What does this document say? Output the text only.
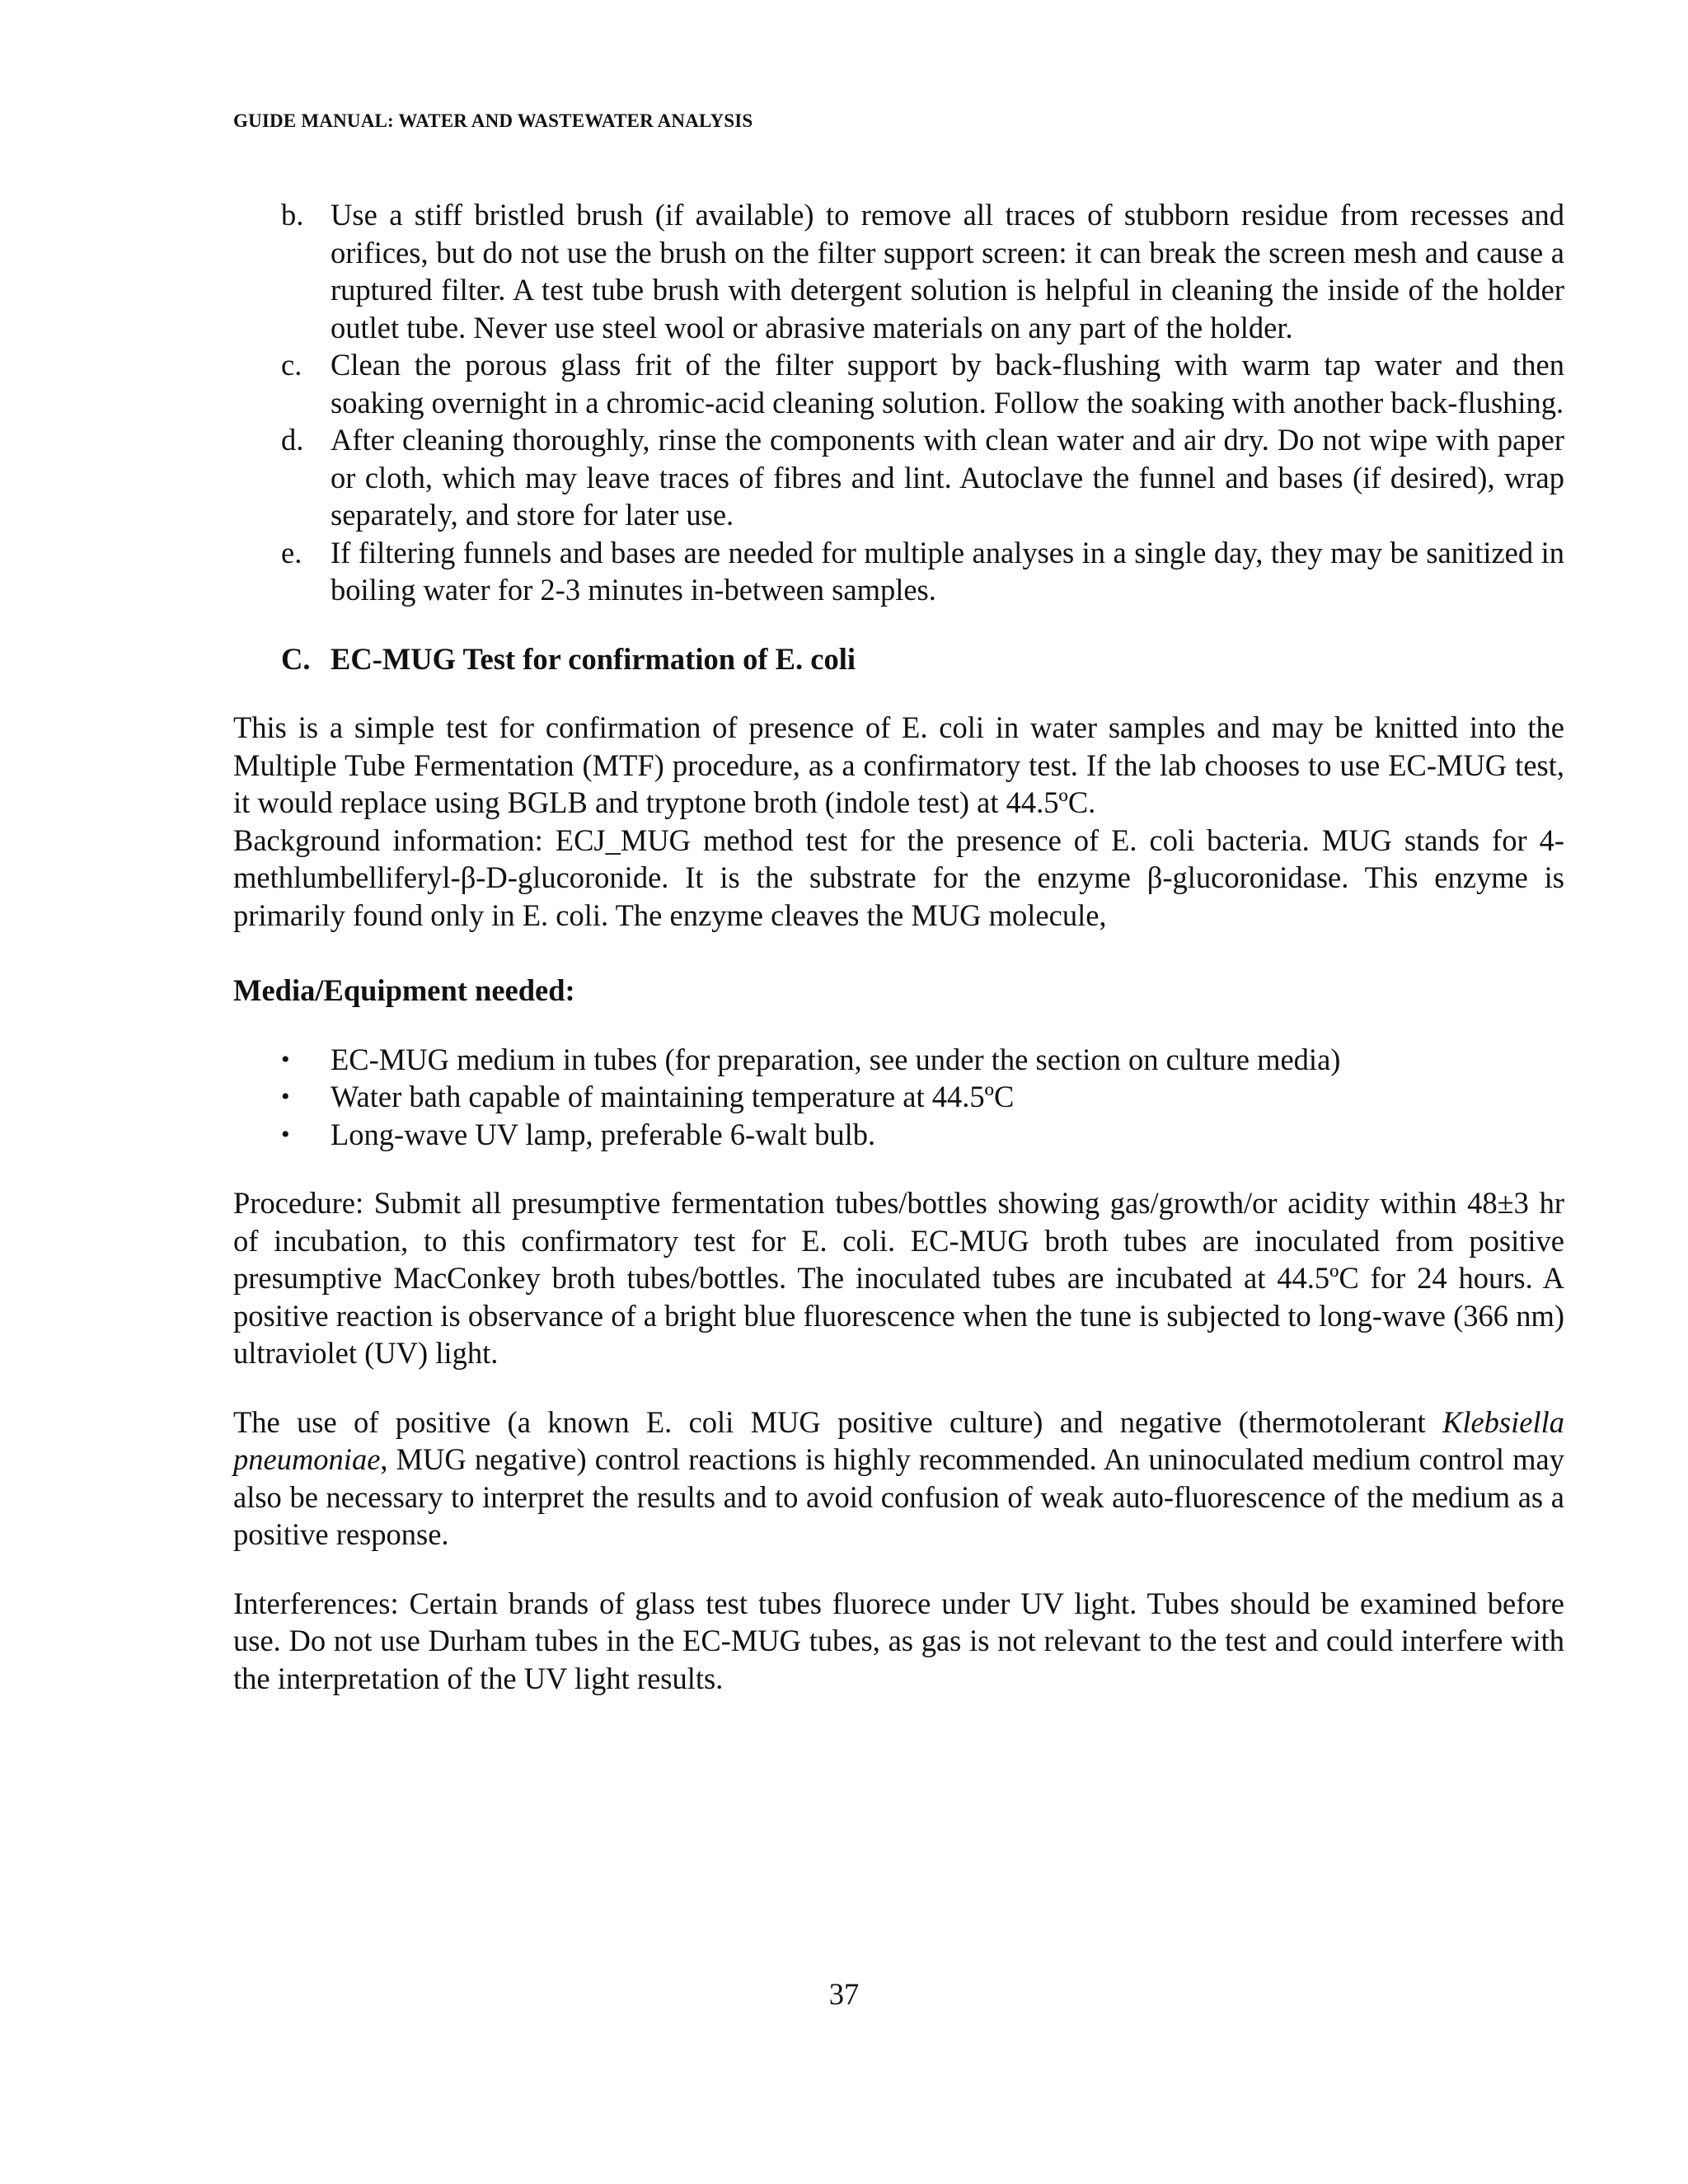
GUIDE MANUAL: WATER AND WASTEWATER ANALYSIS
b. Use a stiff bristled brush (if available) to remove all traces of stubborn residue from recesses and orifices, but do not use the brush on the filter support screen: it can break the screen mesh and cause a ruptured filter. A test tube brush with detergent solution is helpful in cleaning the inside of the holder outlet tube. Never use steel wool or abrasive materials on any part of the holder.
c. Clean the porous glass frit of the filter support by back-flushing with warm tap water and then soaking overnight in a chromic-acid cleaning solution. Follow the soaking with another back-flushing.
d. After cleaning thoroughly, rinse the components with clean water and air dry. Do not wipe with paper or cloth, which may leave traces of fibres and lint. Autoclave the funnel and bases (if desired), wrap separately, and store for later use.
e. If filtering funnels and bases are needed for multiple analyses in a single day, they may be sanitized in boiling water for 2-3 minutes in-between samples.
C. EC-MUG Test for confirmation of E. coli
This is a simple test for confirmation of presence of E. coli in water samples and may be knitted into the Multiple Tube Fermentation (MTF) procedure, as a confirmatory test. If the lab chooses to use EC-MUG test, it would replace using BGLB and tryptone broth (indole test) at 44.5ºC.
Background information: ECJ_MUG method test for the presence of E. coli bacteria. MUG stands for 4-methlumbelliferyl-β-D-glucoronide. It is the substrate for the enzyme β-glucoronidase. This enzyme is primarily found only in E. coli. The enzyme cleaves the MUG molecule,
Media/Equipment needed:
•	EC-MUG medium in tubes (for preparation, see under the section on culture media)
•	Water bath capable of maintaining temperature at 44.5ºC
•	Long-wave UV lamp, preferable 6-walt bulb.
Procedure: Submit all presumptive fermentation tubes/bottles showing gas/growth/or acidity within 48±3 hr of incubation, to this confirmatory test for E. coli. EC-MUG broth tubes are inoculated from positive presumptive MacConkey broth tubes/bottles. The inoculated tubes are incubated at 44.5ºC for 24 hours. A positive reaction is observance of a bright blue fluorescence when the tune is subjected to long-wave (366 nm) ultraviolet (UV) light.
The use of positive (a known E. coli MUG positive culture) and negative (thermotolerant Klebsiella pneumoniae, MUG negative) control reactions is highly recommended. An uninoculated medium control may also be necessary to interpret the results and to avoid confusion of weak auto-fluorescence of the medium as a positive response.
Interferences: Certain brands of glass test tubes fluorece under UV light. Tubes should be examined before use. Do not use Durham tubes in the EC-MUG tubes, as gas is not relevant to the test and could interfere with the interpretation of the UV light results.
37
